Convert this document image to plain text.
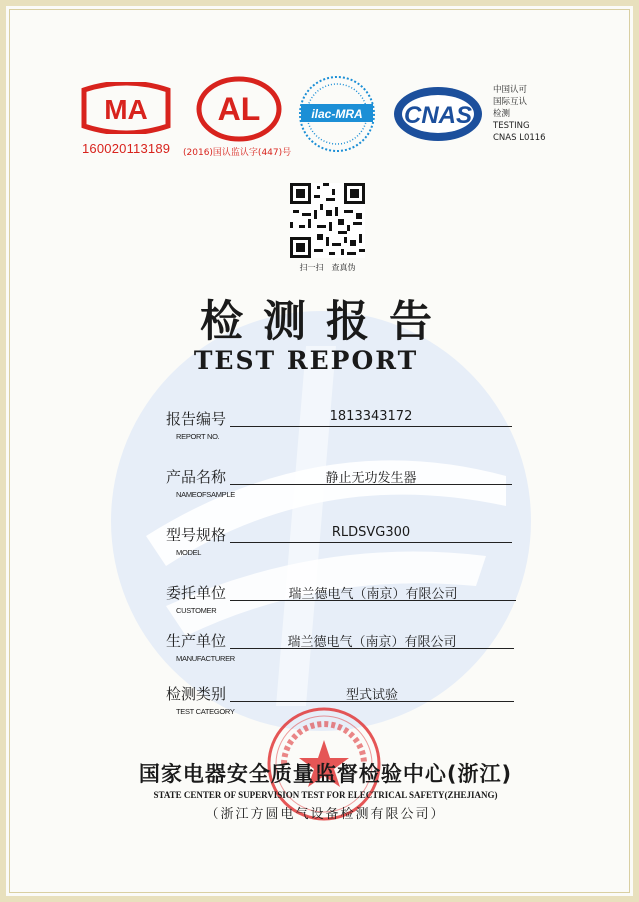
MA
160020113189
AL
(2016)国认监认字(447)号
ilac-MRA CNAS
中国认可
国际互认
检测
TESTING
CNAS L0116
扫一扫　查真伪
检测报告
TEST REPORT
报告编号
REPORT NO.
1813343172
产品名称
NAMEOFSAMPLE
静止无功发生器
型号规格
MODEL
RLDSVG300
委托单位
CUSTOMER
瑞兰德电气（南京）有限公司
生产单位
MANUFACTURER
瑞兰德电气（南京）有限公司
检测类别
TEST CATEGORY
型式试验
国家电器安全质量监督检验中心(浙江)
STATE CENTER OF SUPERVISION TEST FOR ELECTRICAL SAFETY(ZHEJIANG)
（浙江方圆电气设备检测有限公司）
